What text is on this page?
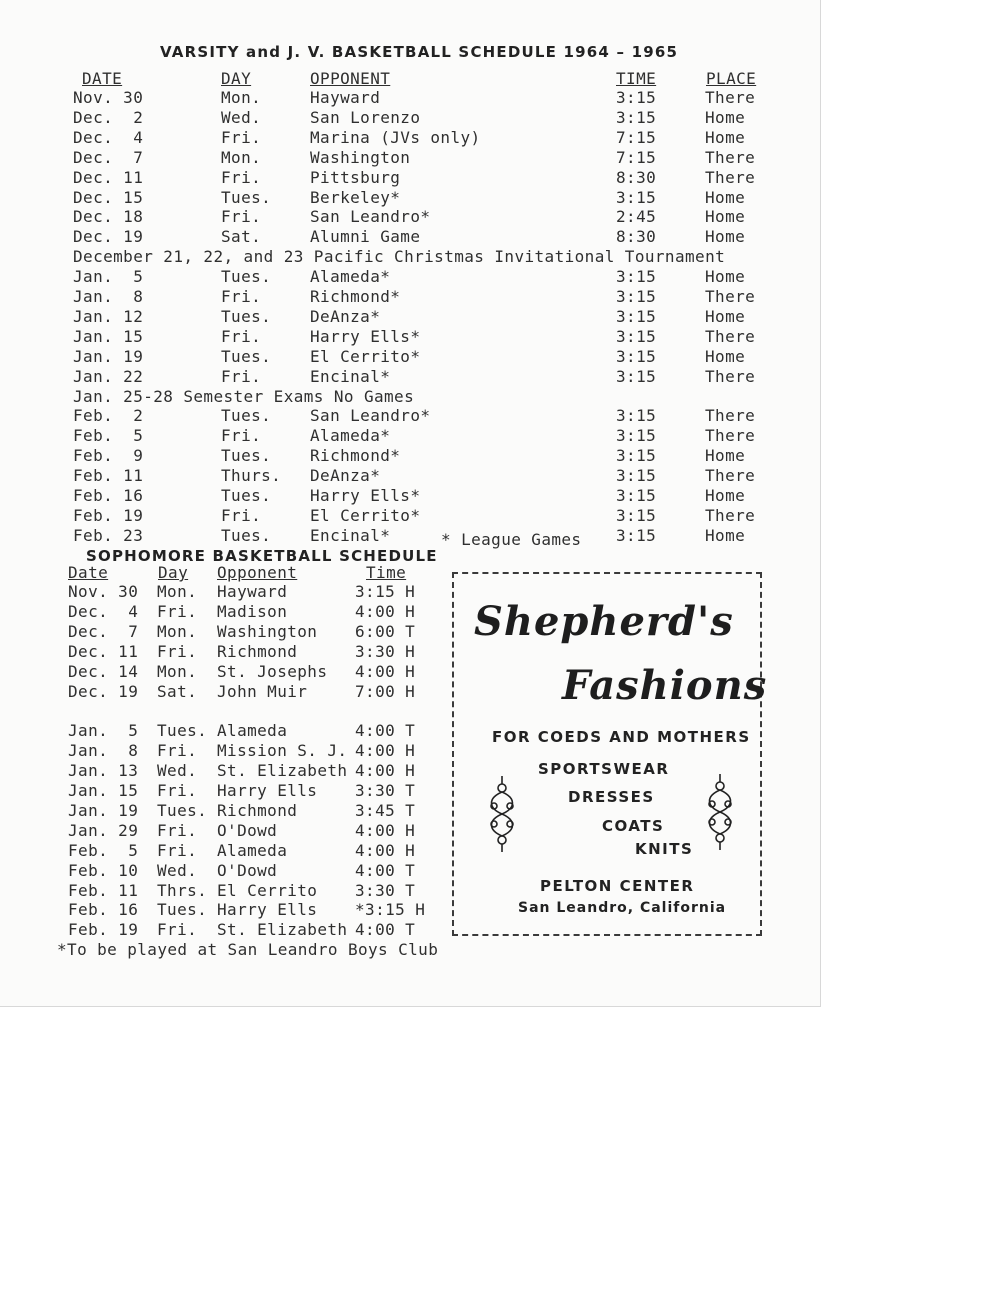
VARSITY and J. V. BASKETBALL SCHEDULE 1964 – 1965
DATE	DAY	OPPONENT	TIME	PLACE
Nov. 30	Mon.	Hayward	3:15	There
Dec.  2	Wed.	San Lorenzo	3:15	Home
Dec.  4	Fri.	Marina (JVs only)	7:15	Home
Dec.  7	Mon.	Washington	7:15	There
Dec. 11	Fri.	Pittsburg	8:30	There
Dec. 15	Tues. Berkeley*	3:15	Home
Dec. 18	Fri.	San Leandro*	2:45	Home
Dec. 19	Sat.	Alumni Game	8:30	Home
December 21, 22, and 23 Pacific Christmas Invitational Tournament
Jan.  5	Tues. Alameda*	3:15	Home
Jan.  8	Fri.	Richmond*	3:15	There
Jan. 12	Tues. DeAnza*	3:15	Home
Jan. 15	Fri.	Harry Ells*	3:15	There
Jan. 19	Tues. El Cerrito*	3:15	Home
Jan. 22	Fri.	Encinal*	3:15	There
Jan. 25-28 Semester Exams No Games
Feb.  2	Tues. San Leandro*	3:15	There
Feb.  5	Fri.	Alameda*	3:15	There
Feb.  9	Tues. Richmond*	3:15	Home
Feb. 11	Thurs. DeAnza*	3:15	There
Feb. 16	Tues. Harry Ells*	3:15	Home
Feb. 19	Fri.	El Cerrito*	3:15	There
Feb. 23	Tues. Encinal*	3:15	Home
* League Games
SOPHOMORE BASKETBALL SCHEDULE
Date	Day Opponent	Time
Nov. 30 Mon. Hayward	3:15 H
Dec.  4 Fri. Madison	4:00 H
Dec.  7 Mon. Washington 6:00 T
Dec. 11 Fri. Richmond	3:30 H
Dec. 14 Mon. St. Josephs 4:00 H
Dec. 19 Sat. John Muir	7:00 H
Jan.  5 Tues. Alameda	4:00 T
Jan.  8 Fri. Mission S. J. 4:00 H
Jan. 13 Wed. St. Elizabeth 4:00 H
Jan. 15 Fri. Harry Ells 3:30 T
Jan. 19 Tues. Richmond	3:45 T
Jan. 29 Fri. O'Dowd	4:00 H
Feb.  5 Fri. Alameda	4:00 H
Feb. 10 Wed. O'Dowd	4:00 T
Feb. 11 Thrs. El Cerrito 3:30 T
Feb. 16 Tues. Harry Ells *3:15 H
Feb. 19 Fri. St. Elizabeth 4:00 T
*To be played at San Leandro Boys Club
Shepherd's
Fashions
FOR COEDS AND MOTHERS
SPORTSWEAR
DRESSES
COATS
KNITS
PELTON CENTER
San Leandro, California
